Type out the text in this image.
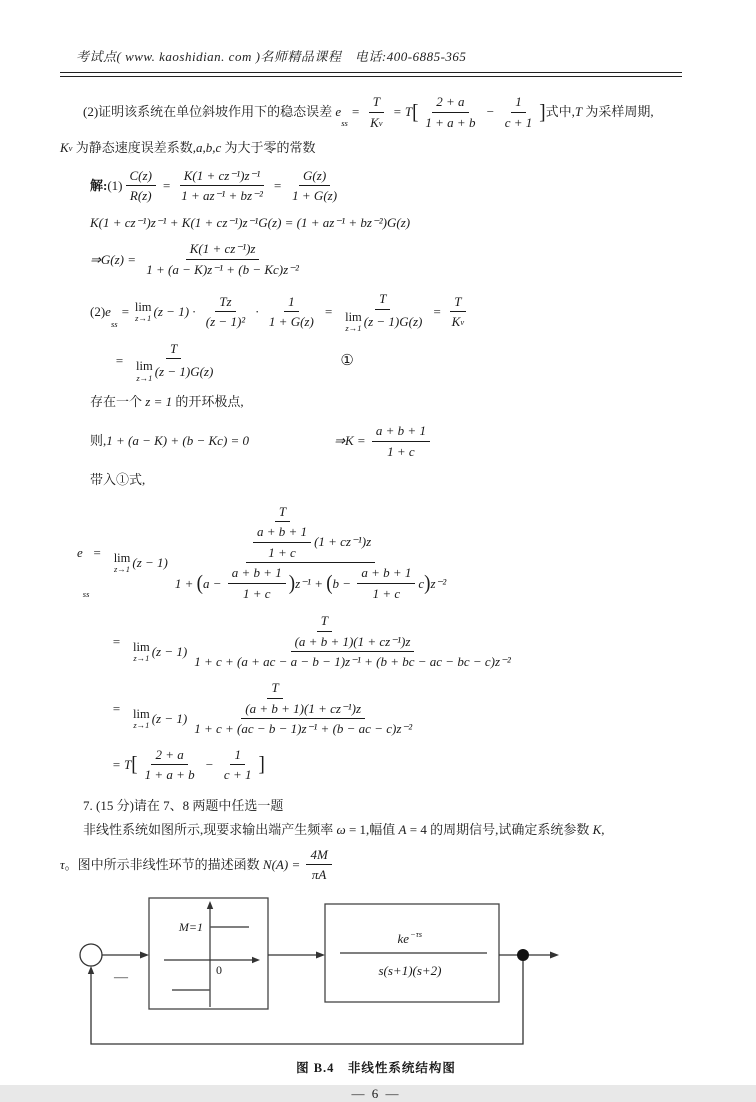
考试点( www. kaoshidian. com )名师精品课程　电话:400-6885-365
(2)证明该系统在单位斜坡作用下的稳态误差 e
ss
= $\frac{T}{\text{K v}} = T$ [ $\frac{2 + a}{1 + a + b} - \frac{1}{c + 1}$ ] 式中, T 为采样周期,
K v 为静态速度误差系数, a,b,c 为大于零的常数
解: $(1) \frac{C(z)}{R(z)} = \frac{\text{K(1 + cz⁻¹)z⁻¹}}{\text{1 + az⁻¹ + bz⁻²}} = \frac{G(z)}{1 + G(z)}$
K(1 + cz⁻¹)z⁻¹ + K(1 + cz⁻¹)z⁻¹G(z) = (1 + az⁻¹ + bz⁻²)G(z)
⇒G(z) = $\frac{\text{K(1 + cz⁻¹)z}}{\text{1 + (a − K)z⁻¹ + (b − Kc)z⁻²}}$
(2) e
ss
= lim
z→1 $(z - 1) \cdot \frac{Tz}{\text{(z − 1)²}} \cdot \frac{1}{1 + G(z)} = T$
lim
z→1 $(z - 1)G(z) = \frac{T}{\text{K v}}$
= T
lim
z→1 (z − 1)G(z)	①
存在一个 z = 1 的开环极点,
则, 1 + (a − K) + (b − Kc) = 0	⇒K = $\frac{a + b + 1}{1 + c}$
带入①式,
e
ss
=
T
lim
z→1 $(z - 1) \frac{\frac{a + b + 1}{1 + c} (1 + cz^{-1})z}{1 + ( a - \frac{a + b + 1}{1 + c} ) z^{-1} + ( b - \frac{a + b + 1}{1 + c} c ) z^{-2}}$
=
T
lim
z→1 $(z - 1) \frac{\text{(a + b + 1)(1 + cz⁻¹)z}}{\text{1 + c + (a + ac − a − b − 1)z⁻¹ + (b + bc − ac − bc − c)z⁻²}}$
=
T
lim
z→1 $(z - 1) \frac{\text{(a + b + 1)(1 + cz⁻¹)z}}{\text{1 + c + (ac − b − 1)z⁻¹ + (b − ac − c)z⁻²}}$
= T [ $\frac{2 + a}{1 + a + b} - \frac{1}{c + 1}$ ]
7. (15 分)请在 7、8 两题中任选一题
非线性系统如图所示,现要求输出端产生频率 ω = 1,幅值 A = 4 的周期信号,试确定系统参数 K ,
τ 。图中所示非线性环节的描述函数 $N(A) = \frac{4M}{\pi A}$
—
M=1
0
ke −τs
s(s+1)(s+2)
图 B.4　非线性系统结构图
— 6 —
